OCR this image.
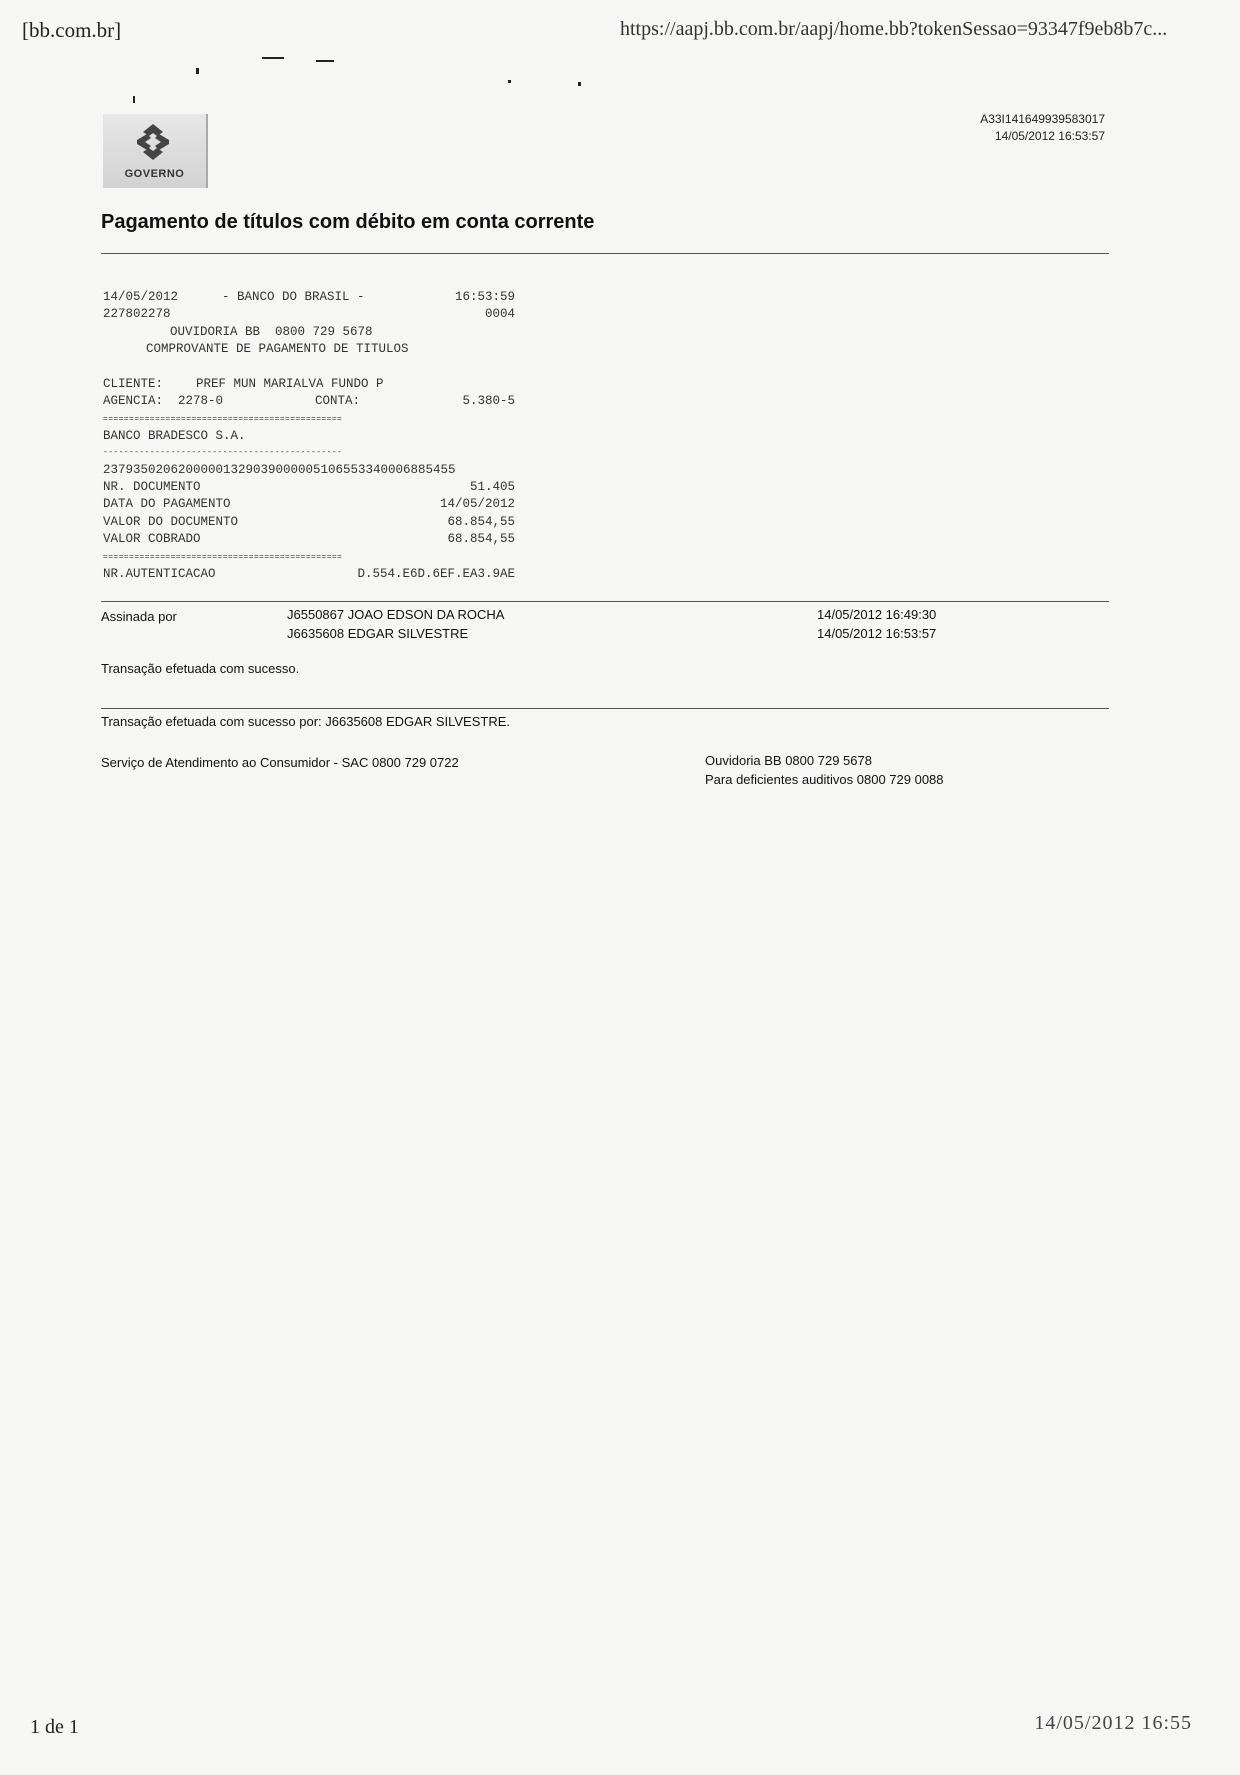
[bb.com.br]	https://aapj.bb.com.br/aapj/home.bb?tokenSessao=93347f9eb8b7c...
A33I141649939583017
14/05/2012 16:53:57
GOVERNO
Pagamento de títulos com débito em conta corrente
14/05/2012	- BANCO DO BRASIL -	16:53:59
227802278	0004
OUVIDORIA BB  0800 729 5678
COMPROVANTE DE PAGAMENTO DE TITULOS
CLIENTE:	PREF MUN MARIALVA FUNDO P
AGENCIA: 2278-0	CONTA:	5.380-5
==============================================
BANCO BRADESCO S.A.
----------------------------------------------
23793502062000001329039000005106553340006885455
NR. DOCUMENTO	51.405
DATA DO PAGAMENTO	14/05/2012
VALOR DO DOCUMENTO	68.854,55
VALOR COBRADO	68.854,55
==============================================
NR.AUTENTICACAO	D.554.E6D.6EF.EA3.9AE
Assinada por	J6550867 JOAO EDSON DA ROCHA	14/05/2012 16:49:30
J6635608 EDGAR SILVESTRE	14/05/2012 16:53:57
Transação efetuada com sucesso.
Transação efetuada com sucesso por: J6635608 EDGAR SILVESTRE.
Serviço de Atendimento ao Consumidor - SAC 0800 729 0722	Ouvidoria BB 0800 729 5678
Para deficientes auditivos 0800 729 0088
1 de 1	14/05/2012 16:55
